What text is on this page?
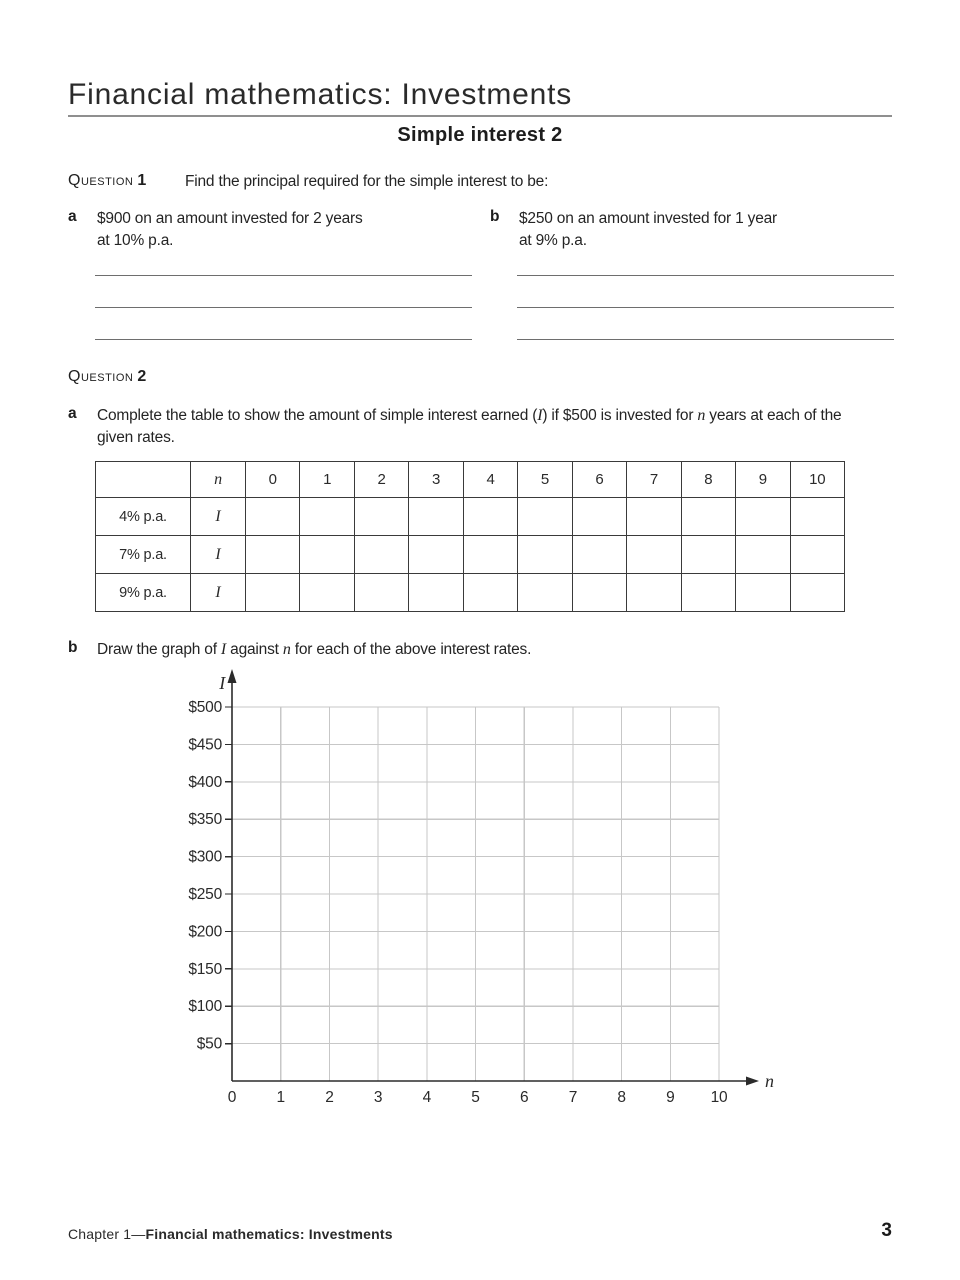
Financial mathematics: Investments
Simple interest 2
Question 1	Find the principal required for the simple interest to be:
a $900 on an amount invested for 2 years
at 10% p.a.
b $250 on an amount invested for 1 year
at 9% p.a.
Question 2
a Complete the table to show the amount of simple interest earned (I) if $500 is invested for n years at each of the given rates.
	n	0	1	2	3	4	5	6	7	8	9	10
4% p.a.	I											
7% p.a.	I											
9% p.a.	I											
b Draw the graph of I against n for each of the above interest rates.
$500
$450
$400
$350
$300
$250
$200
$150
$100
$50
0	1	2	3	4	5	6	7	8	9 10
I
n
Chapter 1—Financial mathematics: Investments	3
